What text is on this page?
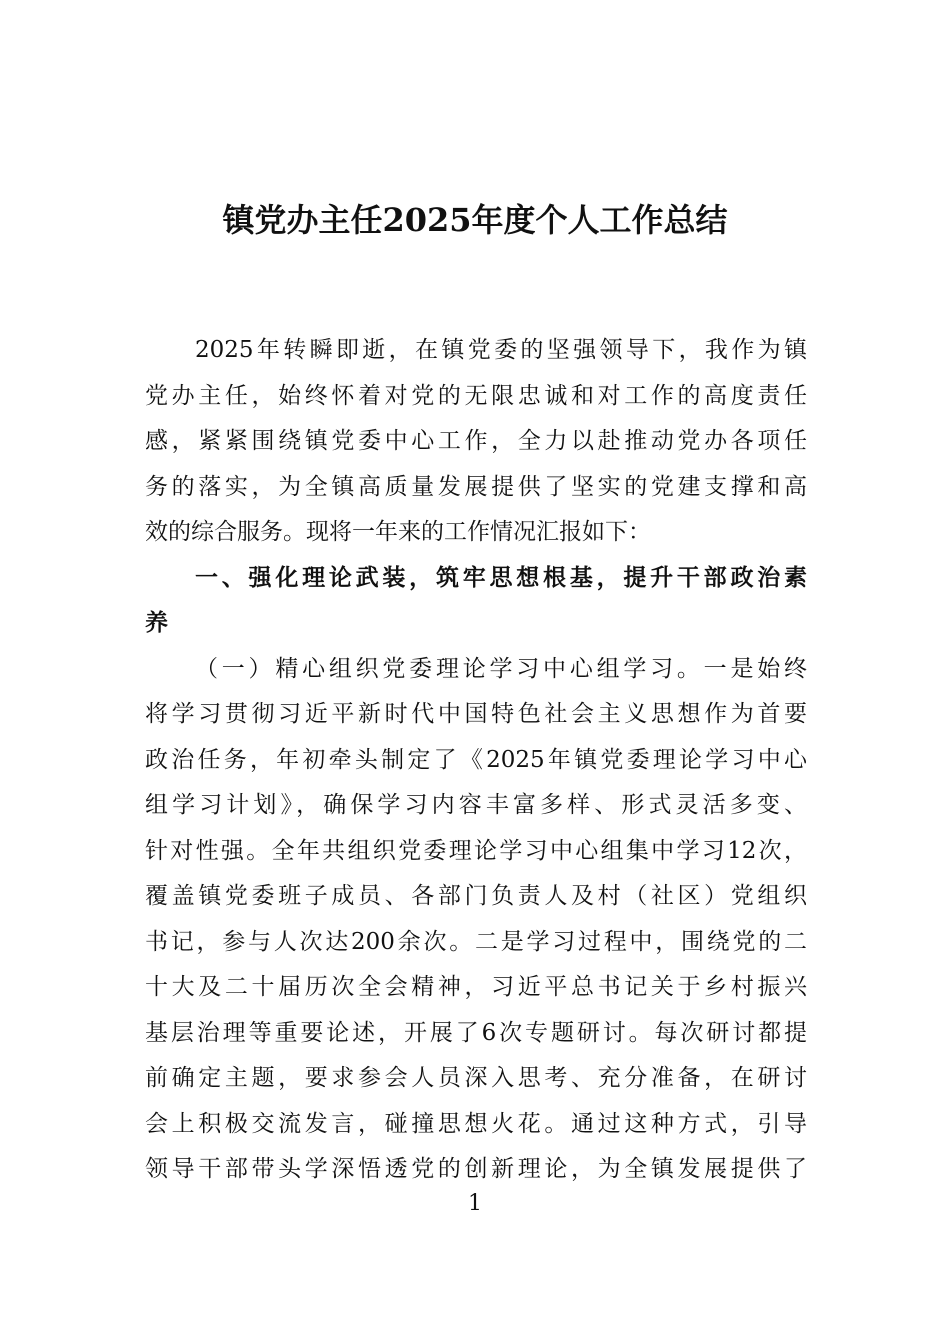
镇党办主任2025年度个人工作总结
2025年转瞬即逝，在镇党委的坚强领导下，我作为镇
党办主任，始终怀着对党的无限忠诚和对工作的高度责任
感，紧紧围绕镇党委中心工作，全力以赴推动党办各项任
务的落实，为全镇高质量发展提供了坚实的党建支撑和高
效的综合服务。现将一年来的工作情况汇报如下：
一、强化理论武装，筑牢思想根基，提升干部政治素
养
（一）精心组织党委理论学习中心组学习。一是始终
将学习贯彻习近平新时代中国特色社会主义思想作为首要
政治任务，年初牵头制定了《2025年镇党委理论学习中心
组学习计划》，确保学习内容丰富多样、形式灵活多变、
针对性强。全年共组织党委理论学习中心组集中学习12次，
覆盖镇党委班子成员、各部门负责人及村（社区）党组织
书记，参与人次达200余次。二是学习过程中，围绕党的二
十大及二十届历次全会精神，习近平总书记关于乡村振兴
基层治理等重要论述，开展了6次专题研讨。每次研讨都提
前确定主题，要求参会人员深入思考、充分准备，在研讨
会上积极交流发言，碰撞思想火花。通过这种方式，引导
领导干部带头学深悟透党的创新理论，为全镇发展提供了
1
